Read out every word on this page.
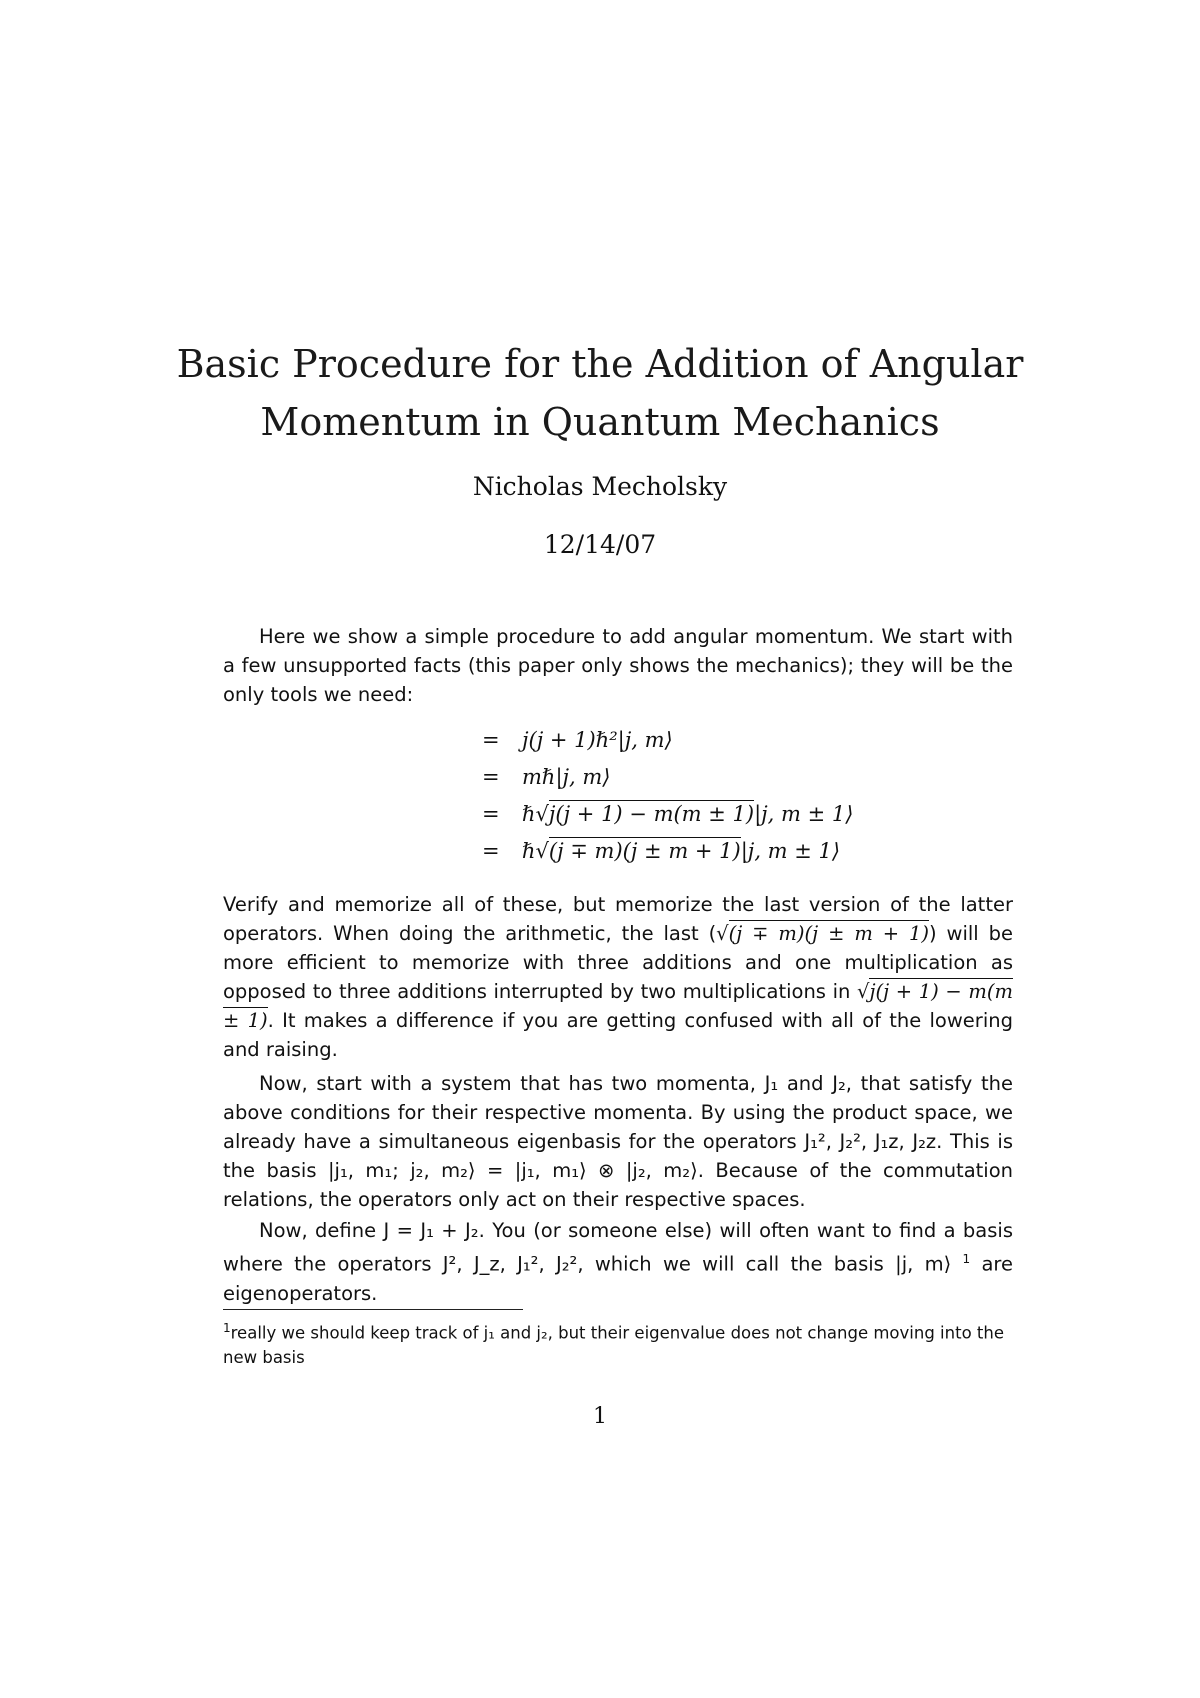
Basic Procedure for the Addition of Angular
Momentum in Quantum Mechanics
Nicholas Mecholsky
12/14/07
Here we show a simple procedure to add angular momentum. We start with a few unsupported facts (this paper only shows the mechanics); they will be the only tools we need:
= j(j + 1)ℏ²|j, m⟩
= mℏ|j, m⟩
= ℏ√j(j + 1) − m(m ± 1)|j, m ± 1⟩
= ℏ√(j ∓ m)(j ± m + 1)|j, m ± 1⟩
Verify and memorize all of these, but memorize the last version of the latter operators. When doing the arithmetic, the last (√(j ∓ m)(j ± m + 1)) will be more efficient to memorize with three additions and one multiplication as opposed to three additions interrupted by two multiplications in √j(j + 1) − m(m ± 1). It makes a difference if you are getting confused with all of the lowering and raising.
Now, start with a system that has two momenta, J₁ and J₂, that satisfy the above conditions for their respective momenta. By using the product space, we already have a simultaneous eigenbasis for the operators J₁², J₂², J₁z, J₂z. This is the basis |j₁, m₁; j₂, m₂⟩ = |j₁, m₁⟩ ⊗ |j₂, m₂⟩. Because of the commutation relations, the operators only act on their respective spaces.
Now, define J = J₁ + J₂. You (or someone else) will often want to find a basis where the operators J², J_z, J₁², J₂², which we will call the basis |j, m⟩ $^1$ are eigenoperators.
$^1$really we should keep track of j₁ and j₂, but their eigenvalue does not change moving into the new basis
1
